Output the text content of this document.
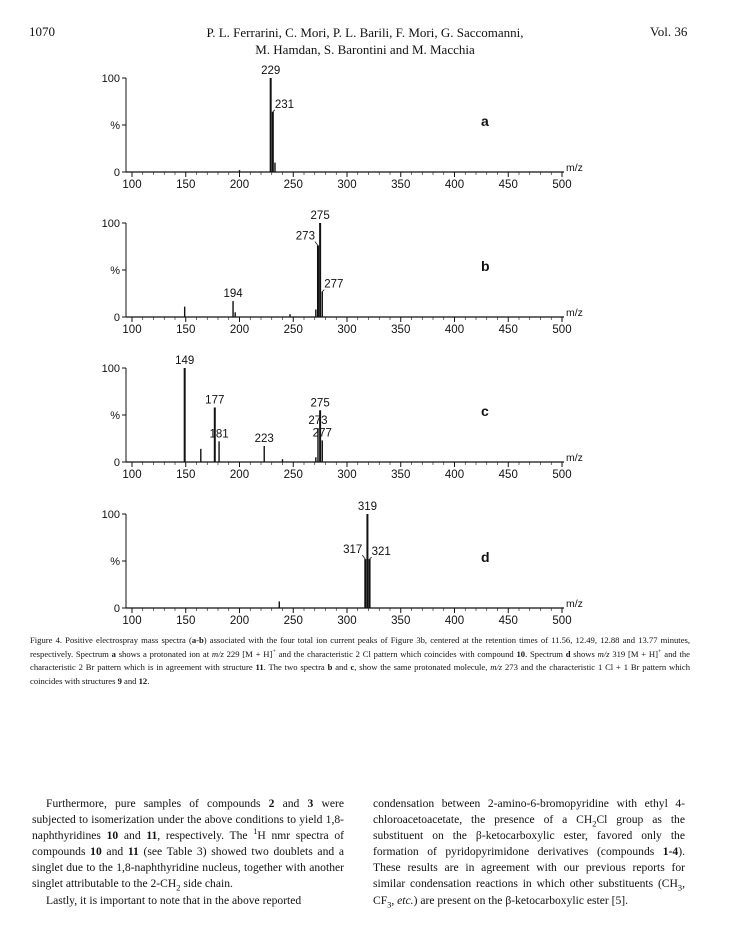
1070	P. L. Ferrarini, C. Mori, P. L. Barili, F. Mori, G. Saccomanni,
M. Hamdan, S. Barontini and M. Macchia
Vol. 36
100
%
0
100	150	200	250	300	350	400	450	500
m/z
a
229
231
100
%
0
100	150	200	250	300	350	400	450	500
m/z
b
275
273
277
194
100
%
0
100	150	200	250	300	350	400	450	500
m/z
c
149
177	275
273
277
181 223
100
%
0
100	150	200	250	300	350	400	450	500
m/z
d
319
317 321
Figure 4. Positive electrospray mass spectra (a-b) associated with the four total ion current peaks of Figure 3b, centered at the retention times of 11.56, 12.49, 12.88 and 13.77 minutes, respectively. Spectrum a shows a protonated ion at m/z 229 [M + H]+ and the characteristic 2 Cl pattern which coincides with compound 10. Spectrum d shows m/z 319 [M + H]+ and the characteristic 2 Br pattern which is in agreement with structure 11. The two spectra b and c, show the same protonated molecule, m/z 273 and the characteristic 1 Cl + 1 Br pattern which coincides with structures 9 and 12.

Furthermore, pure samples of compounds 2 and 3 were subjected to isomerization under the above conditions to yield 1,8-naphthyridines 10 and 11, respectively. The $^1$H nmr spectra of compounds 10 and 11 (see Table 3) showed two doublets and a singlet due to the 1,8-naphthyridine nucleus, together with another singlet attributable to the $2-CH_2$ side chain.

Lastly, it is important to note that in the above reported

condensation between 2-amino-6-bromopyridine with ethyl 4-chloroacetoacetate, the presence of a $CH_2Cl$ group as the substituent on the β-ketocarboxylic ester, favored only the formation of pyridopyrimidone derivatives (compounds 1-4). These results are in agreement with our previous reports for similar condensation reactions in which other substituents ($CH_3$, $CF_3$, etc.) are present on the β-ketocarboxylic ester [5].
